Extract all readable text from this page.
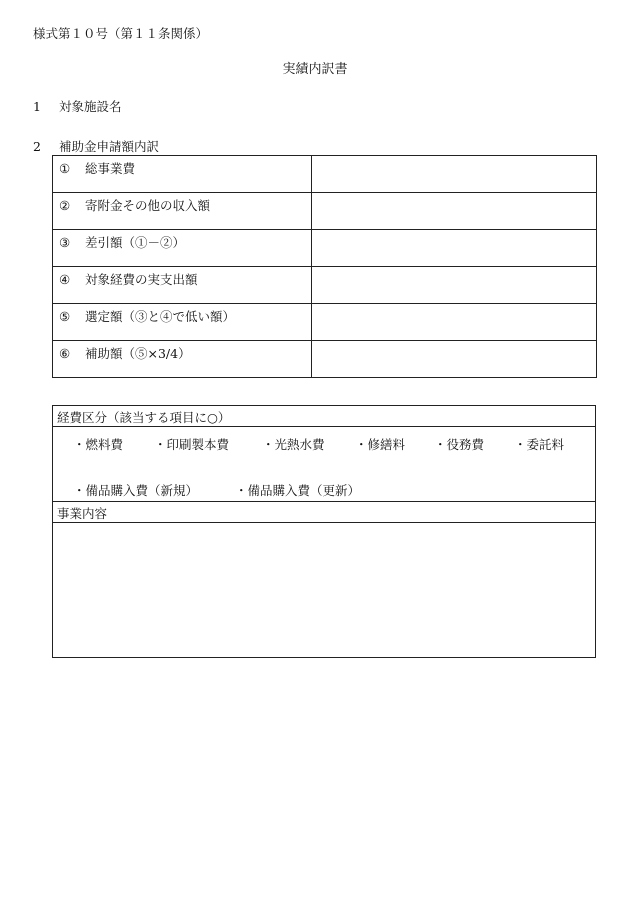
様式第１０号（第１１条関係）
実績内訳書
1 対象施設名
2 補助金申請額内訳
① 総事業費	
② 寄附金その他の収入額	
③ 差引額（①－②）	
④ 対象経費の実支出額	
⑤ 選定額（③と④で低い額）	
⑥ 補助額（⑤×3/4）	
経費区分（該当する項目に○）
・燃料費 ・印刷製本費	・光熱水費 ・修繕料 ・役務費 ・委託料
・備品購入費（新規）	・備品購入費（更新）
事業内容
